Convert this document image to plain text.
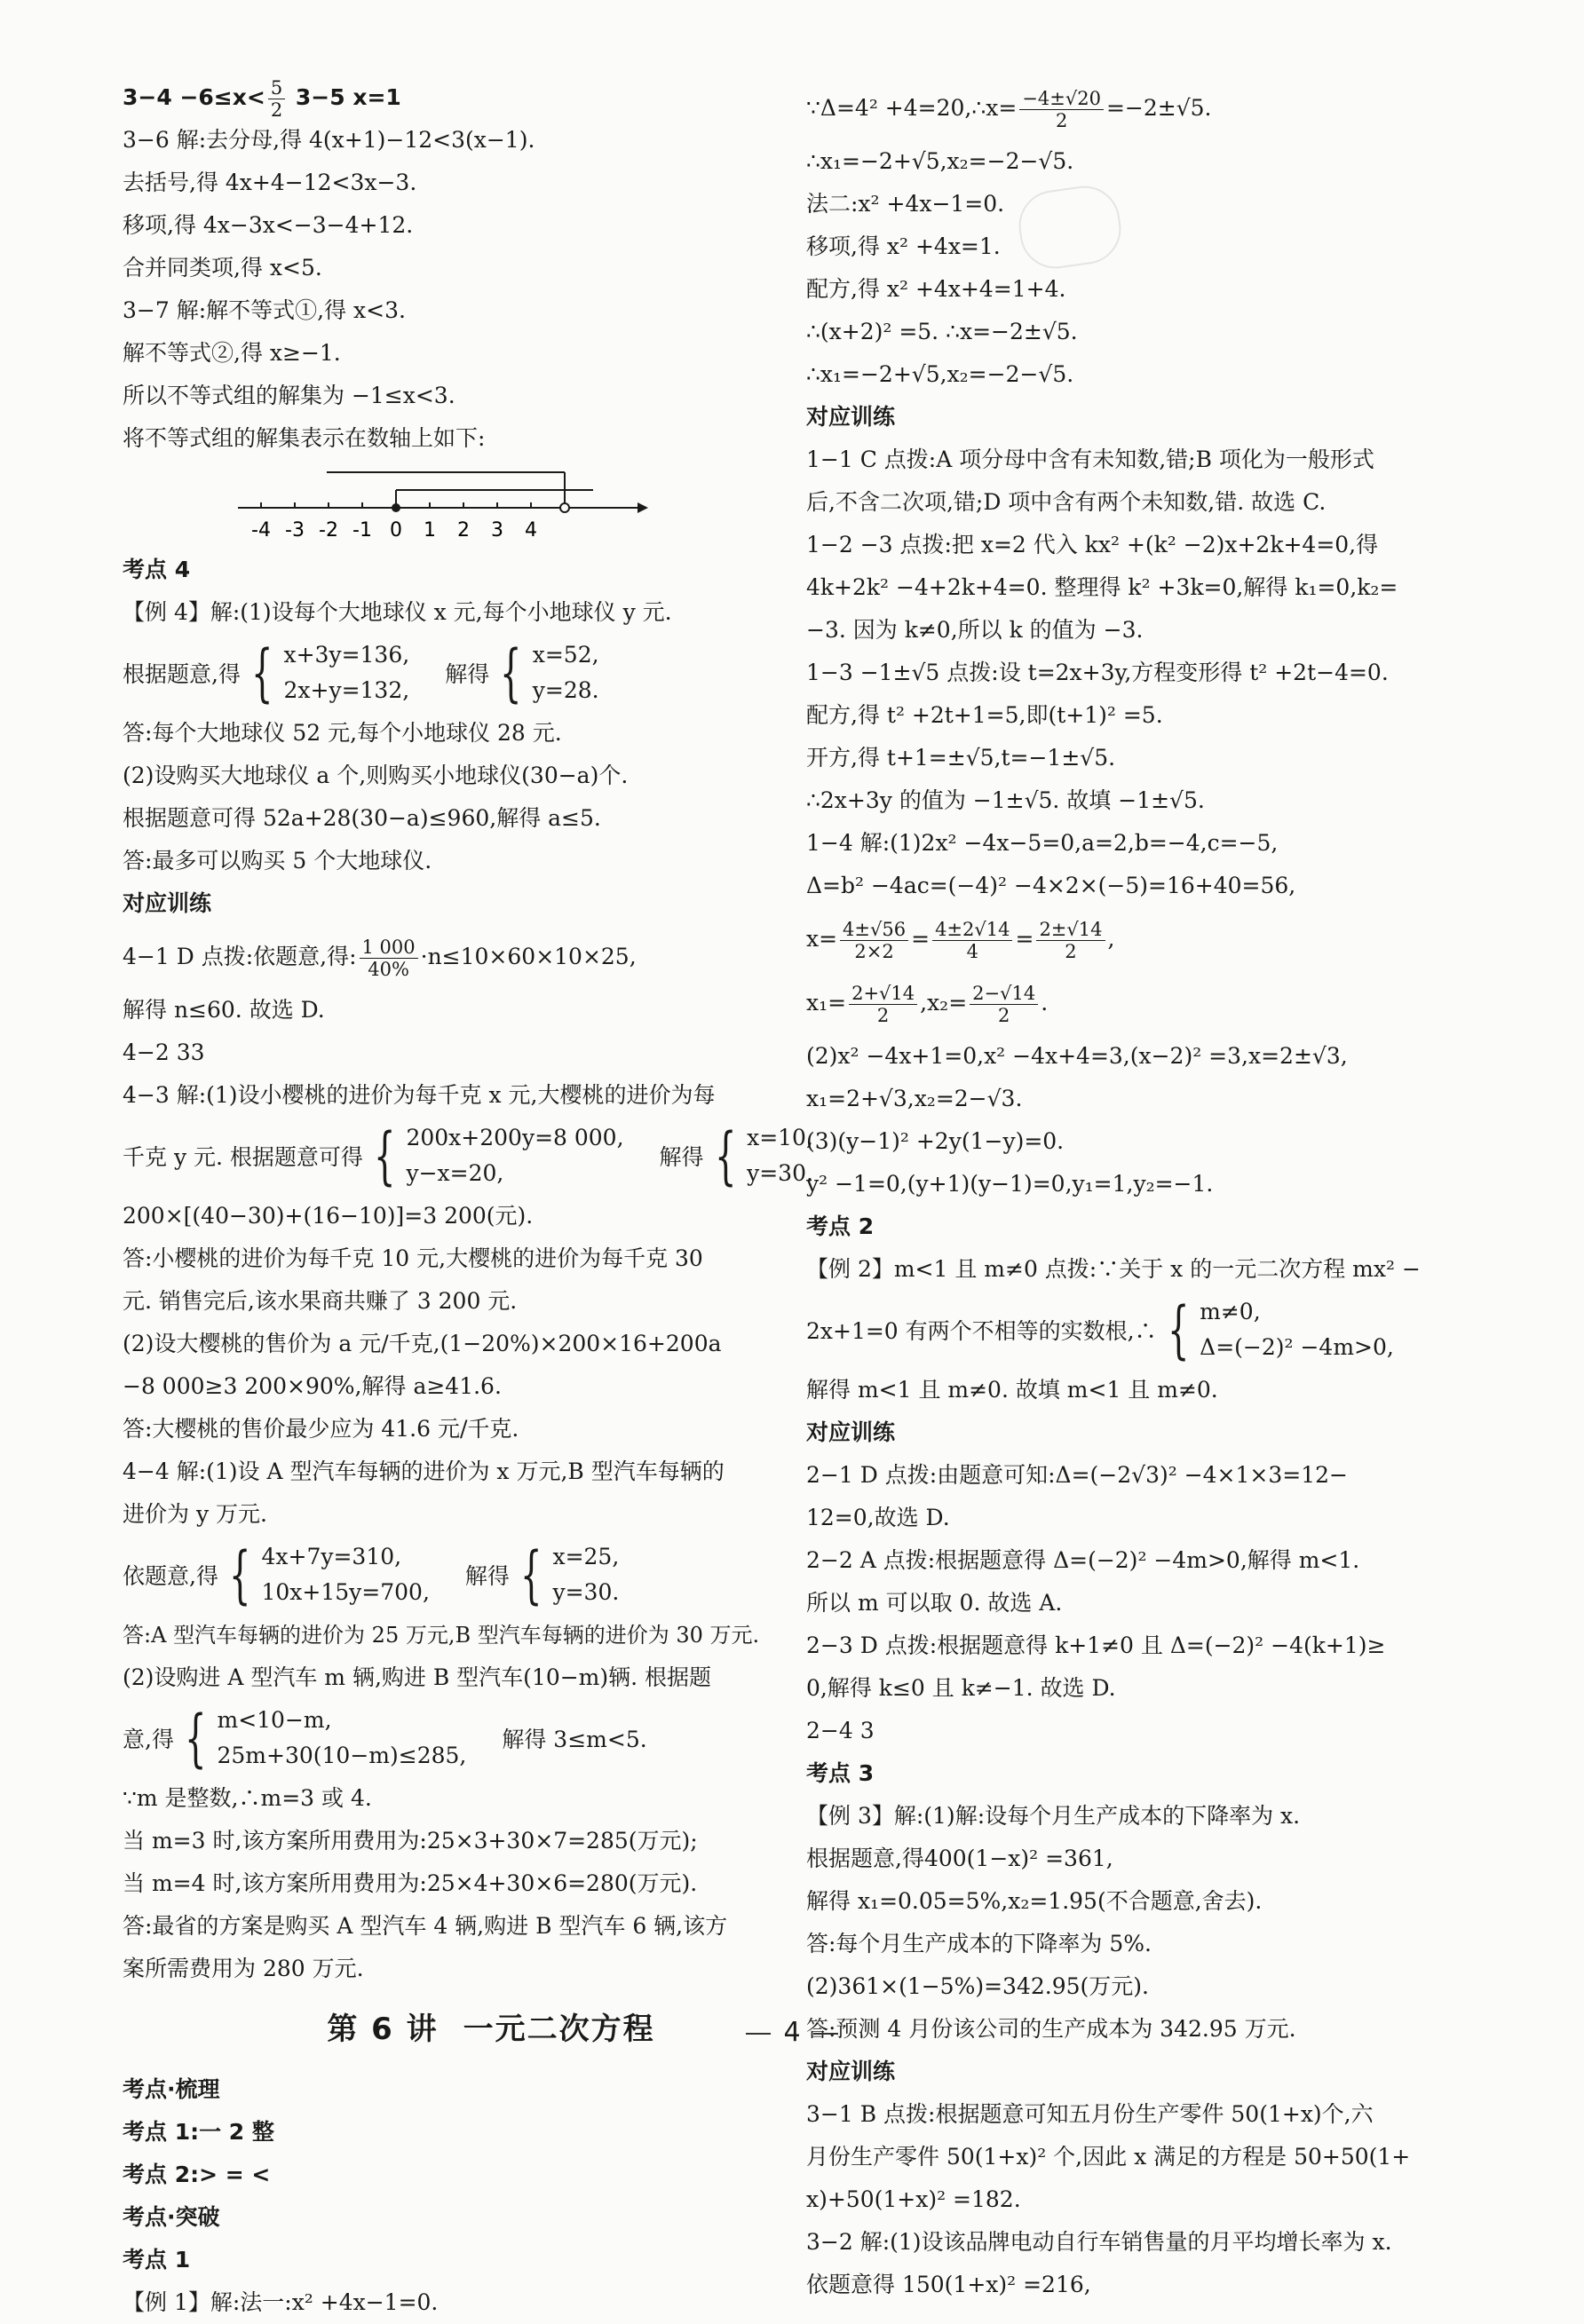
$3-4 -6\le x< \frac{5}{2} 3-5$ x=1
3−6 解:去分母,得 4(x+1)−12<3(x−1).
去括号,得 4x+4−12<3x−3.
移项,得 4x−3x<−3−4+12.
合并同类项,得 x<5.
3−7 解:解不等式①,得 x<3.
解不等式②,得 x≥−1.
所以不等式组的解集为 −1≤x<3.
将不等式组的解集表示在数轴上如下:
-4 -3 -2 -1 0 1 2 3 4
考点 4
【例 4】解:(1)设每个大地球仪 x 元,每个小地球仪 y 元.
根据题意,得 { x+3y=136,
2x+y=132,
解得 { x=52,
y=28.
答:每个大地球仪 52 元,每个小地球仪 28 元.
(2)设购买大地球仪 a 个,则购买小地球仪(30−a)个.
根据题意可得 52a+28(30−a)≤960,解得 a≤5.
答:最多可以购买 5 个大地球仪.
对应训练
4−1 D 点拨:依题意,得: $\frac{1 000}{40\%} \cdot n\le 10\times 60\times 10\times 25$,
解得 n≤60. 故选 D.
4−2 33
4−3 解:(1)设小樱桃的进价为每千克 x 元,大樱桃的进价为每
千克 y 元. 根据题意可得 { 200x+200y=8 000,
y−x=20,
解得 { x=10,
y=30.
200×[(40−30)+(16−10)]=3 200(元).
答:小樱桃的进价为每千克 10 元,大樱桃的进价为每千克 30
元. 销售完后,该水果商共赚了 3 200 元.
(2)设大樱桃的售价为 a 元/千克,(1−20%)×200×16+200a
−8 000≥3 200×90%,解得 a≥41.6.
答:大樱桃的售价最少应为 41.6 元/千克.
4−4 解:(1)设 A 型汽车每辆的进价为 x 万元,B 型汽车每辆的
进价为 y 万元.
依题意,得 { 4x+7y=310,
10x+15y=700,
解得 { x=25,
y=30.
答:A 型汽车每辆的进价为 25 万元,B 型汽车每辆的进价为 30 万元.
(2)设购进 A 型汽车 m 辆,购进 B 型汽车(10−m)辆. 根据题
意,得 { m<10−m,
25m+30(10−m)≤285,
解得 3≤m<5.
∵m 是整数,∴m=3 或 4.
当 m=3 时,该方案所用费用为:25×3+30×7=285(万元);
当 m=4 时,该方案所用费用为:25×4+30×6=280(万元).
答:最省的方案是购买 A 型汽车 4 辆,购进 B 型汽车 6 辆,该方
案所需费用为 280 万元.
第 6 讲 一元二次方程
考点·梳理
考点 1:一 2 整
考点 2:> = <
考点·突破
考点 1
【例 1】解:法一:x² +4x−1=0.
∵Δ=4² +4=20,∴x= $\frac{-4\pm√20}{2} =-2\pm√5$.
∴x₁=−2+√5,x₂=−2−√5.
法二:x² +4x−1=0.
移项,得 x² +4x=1.
配方,得 x² +4x+4=1+4.
∴(x+2)² =5. ∴x=−2±√5.
∴x₁=−2+√5,x₂=−2−√5.
对应训练
1−1 C 点拨:A 项分母中含有未知数,错;B 项化为一般形式
后,不含二次项,错;D 项中含有两个未知数,错. 故选 C.
1−2 −3 点拨:把 x=2 代入 kx² +(k² −2)x+2k+4=0,得
4k+2k² −4+2k+4=0. 整理得 k² +3k=0,解得 k₁=0,k₂=
−3. 因为 k≠0,所以 k 的值为 −3.
1−3 −1±√5 点拨:设 t=2x+3y,方程变形得 t² +2t−4=0.
配方,得 t² +2t+1=5,即(t+1)² =5.
开方,得 t+1=±√5,t=−1±√5.
∴2x+3y 的值为 −1±√5. 故填 −1±√5.
1−4 解:(1)2x² −4x−5=0,a=2,b=−4,c=−5,
Δ=b² −4ac=(−4)² −4×2×(−5)=16+40=56,
$x= \frac{4\pm√56}{2\times 2} = \frac{4\pm 2√14}{4} = \frac{2\pm√14}{2}$ ,
$x_1= \frac{2+√14}{2} ,x_2= \frac{2-√14}{2}$ .
(2)x² −4x+1=0,x² −4x+4=3,(x−2)² =3,x=2±√3,
x₁=2+√3,x₂=2−√3.
(3)(y−1)² +2y(1−y)=0.
y² −1=0,(y+1)(y−1)=0,y₁=1,y₂=−1.
考点 2
【例 2】m<1 且 m≠0 点拨:∵关于 x 的一元二次方程 mx² −
2x+1=0 有两个不相等的实数根,∴ { m≠0,
Δ=(−2)² −4m>0,
解得 m<1 且 m≠0. 故填 m<1 且 m≠0.
对应训练
2−1 D 点拨:由题意可知:Δ=(−2√3)² −4×1×3=12−
12=0,故选 D.
2−2 A 点拨:根据题意得 Δ=(−2)² −4m>0,解得 m<1.
所以 m 可以取 0. 故选 A.
2−3 D 点拨:根据题意得 k+1≠0 且 Δ=(−2)² −4(k+1)≥
0,解得 k≤0 且 k≠−1. 故选 D.
2−4 3
考点 3
【例 3】解:(1)解:设每个月生产成本的下降率为 x.
根据题意,得400(1−x)² =361,
解得 x₁=0.05=5%,x₂=1.95(不合题意,舍去).
答:每个月生产成本的下降率为 5%.
(2)361×(1−5%)=342.95(万元).
答:预测 4 月份该公司的生产成本为 342.95 万元.
对应训练
3−1 B 点拨:根据题意可知五月份生产零件 50(1+x)个,六
月份生产零件 50(1+x)² 个,因此 x 满足的方程是 50+50(1+
x)+50(1+x)² =182.
3−2 解:(1)设该品牌电动自行车销售量的月平均增长率为 x.
依题意得 150(1+x)² =216,
4
